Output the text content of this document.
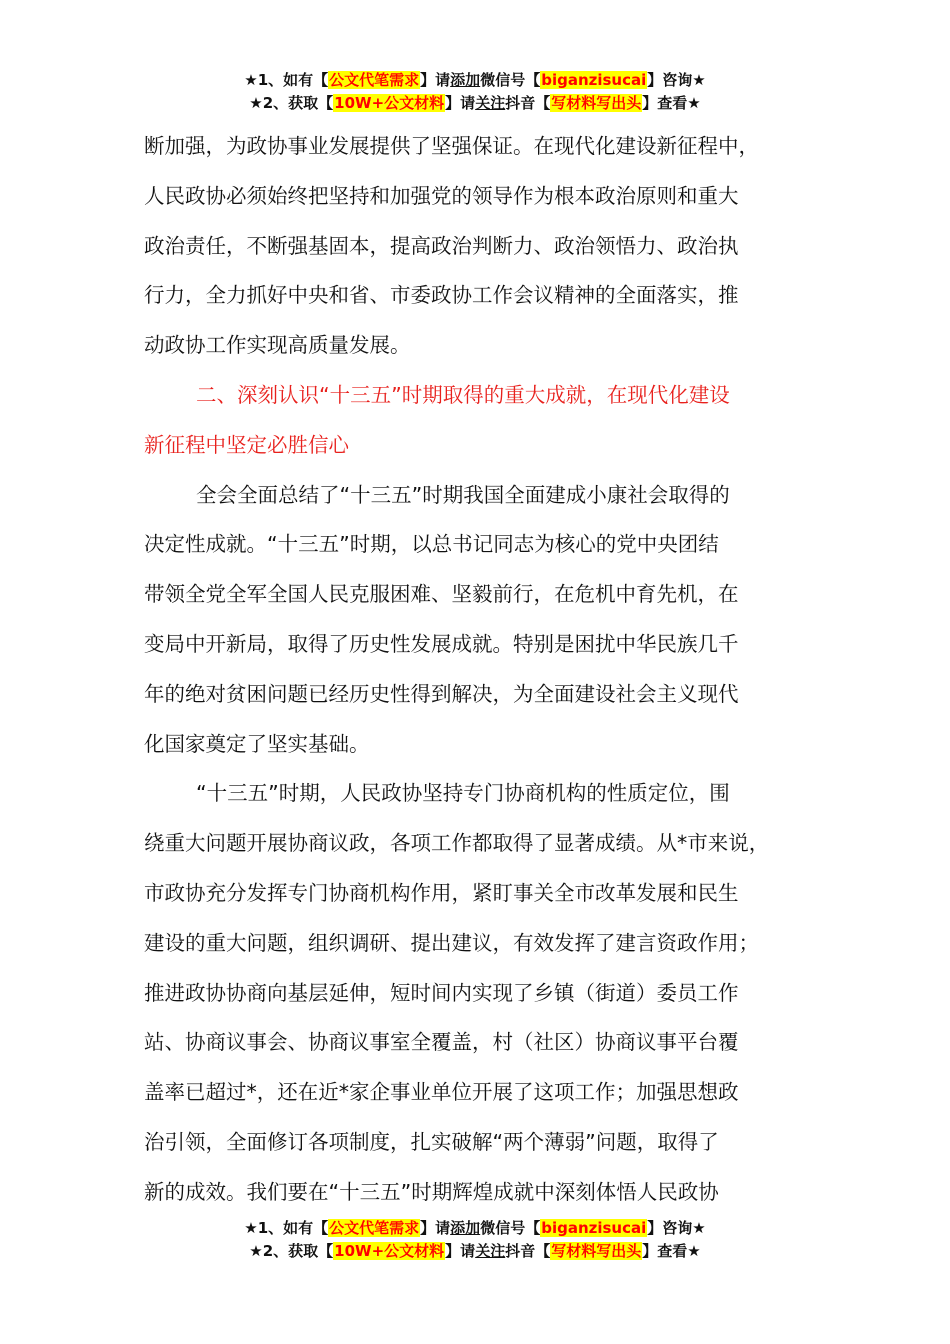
★1、如有【公文代笔需求】请添加微信号【biganzisucai】咨询★
★2、获取【10W+公文材料】请关注抖音【写材料写出头】查看★

断加强，为政协事业发展提供了坚强保证。在现代化建设新征程中，

人民政协必须始终把坚持和加强党的领导作为根本政治原则和重大

政治责任，不断强基固本，提高政治判断力、政治领悟力、政治执

行力，全力抓好中央和省、市委政协工作会议精神的全面落实，推

动政协工作实现高质量发展。

二、深刻认识“十三五”时期取得的重大成就，在现代化建设

新征程中坚定必胜信心

全会全面总结了“十三五”时期我国全面建成小康社会取得的

决定性成就。“十三五”时期，以总书记同志为核心的党中央团结

带领全党全军全国人民克服困难、坚毅前行，在危机中育先机，在

变局中开新局，取得了历史性发展成就。特别是困扰中华民族几千

年的绝对贫困问题已经历史性得到解决，为全面建设社会主义现代

化国家奠定了坚实基础。

“十三五”时期，人民政协坚持专门协商机构的性质定位，围

绕重大问题开展协商议政，各项工作都取得了显著成绩。从*市来说，

市政协充分发挥专门协商机构作用，紧盯事关全市改革发展和民生

建设的重大问题，组织调研、提出建议，有效发挥了建言资政作用；

推进政协协商向基层延伸，短时间内实现了乡镇（街道）委员工作

站、协商议事会、协商议事室全覆盖，村（社区）协商议事平台覆

盖率已超过*，还在近*家企事业单位开展了这项工作；加强思想政

治引领，全面修订各项制度，扎实破解“两个薄弱”问题，取得了

新的成效。我们要在“十三五”时期辉煌成就中深刻体悟人民政协

★1、如有【公文代笔需求】请添加微信号【biganzisucai】咨询★
★2、获取【10W+公文材料】请关注抖音【写材料写出头】查看★
